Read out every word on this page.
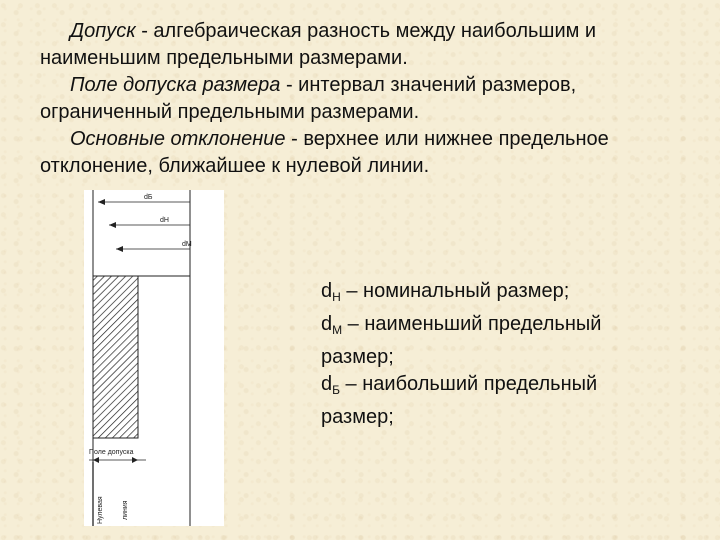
Допуск - алгебраическая разность между наибольшим и наименьшим предельными размерами.

Поле допуска размера - интервал значений размеров, ограниченный предельными размерами.

Основные отклонение - верхнее или нижнее предельное отклонение, ближайшее к нулевой линии.

dБ
dН
dМ
Поле допуска
Нулевая	линия

$d_Н$ – номинальный размер;

$d_М$ – наименьший предельный размер;

$d_Б$ – наибольший предельный размер;
